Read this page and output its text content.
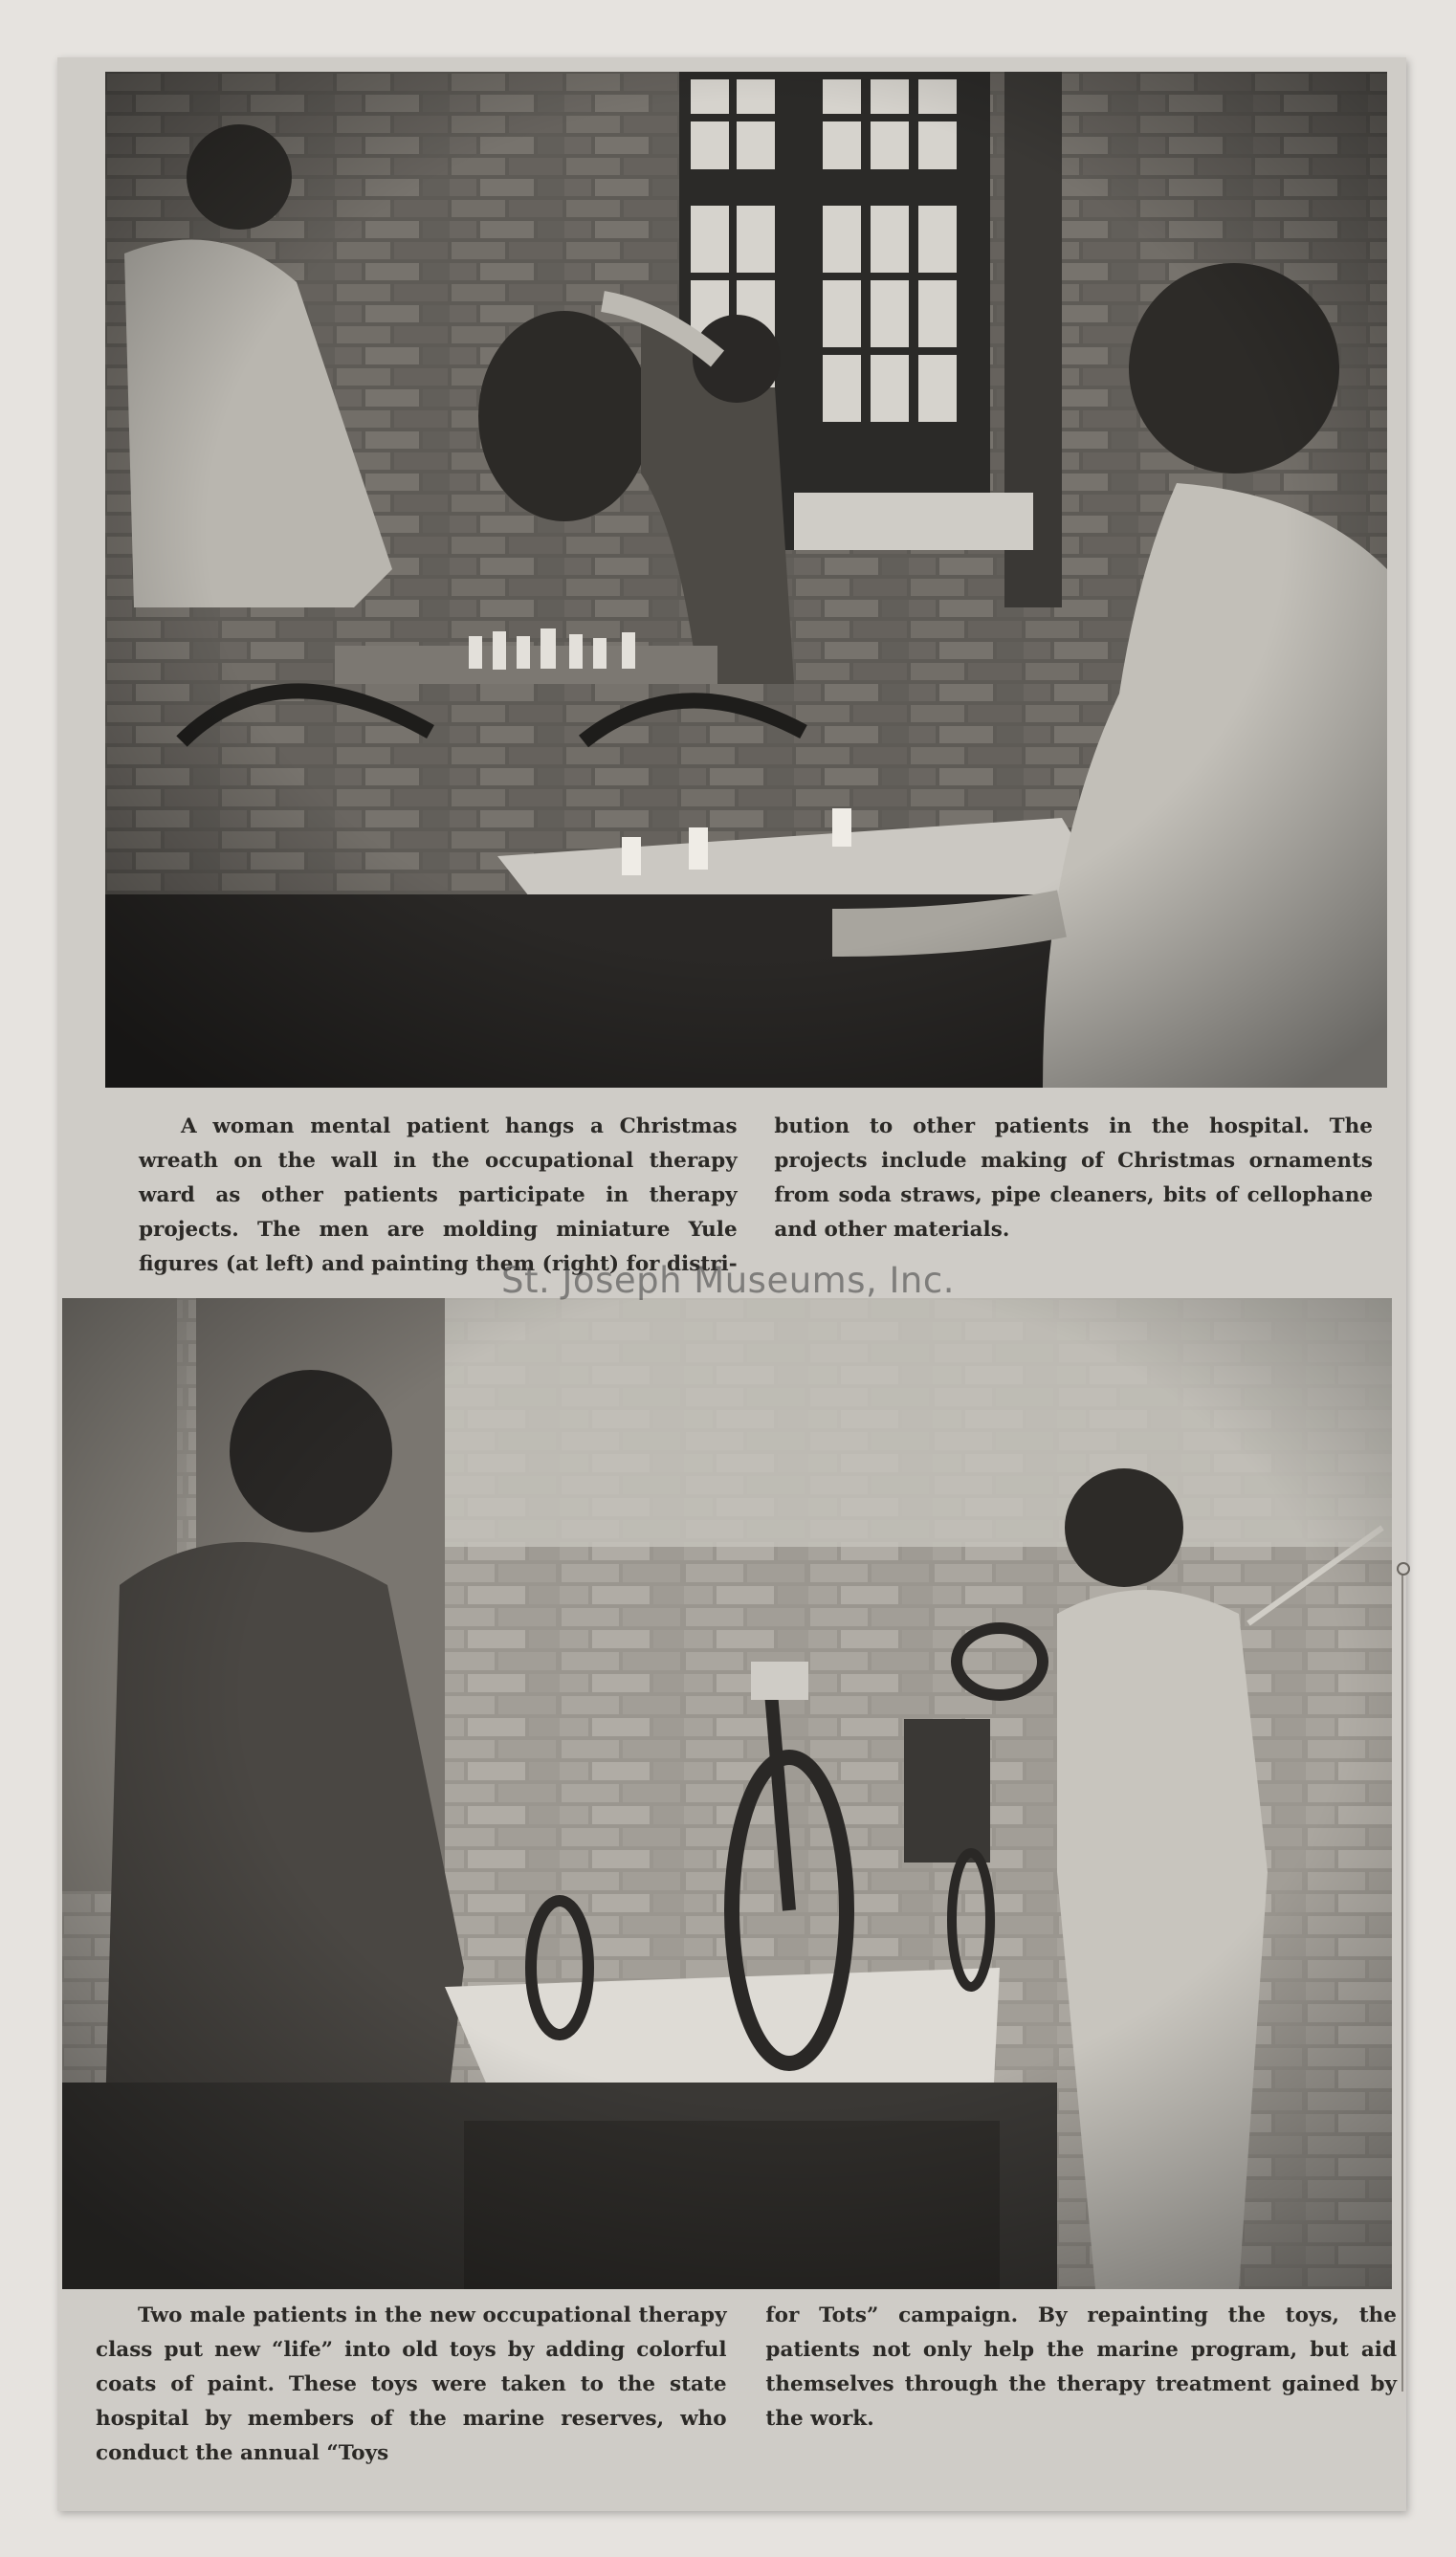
A woman mental patient hangs a Christmas wreath on the wall in the occupational therapy ward as other patients participate in therapy projects. The men are molding miniature Yule figures (at left) and painting them (right) for distri-

bution to other patients in the hospital. The projects include making of Christmas ornaments from soda straws, pipe cleaners, bits of cellophane and other materials.

Two male patients in the new occupational therapy class put new “life” into old toys by adding colorful coats of paint. These toys were taken to the state hospital by members of the marine reserves, who conduct the annual “Toys

for Tots” campaign. By repainting the toys, the patients not only help the marine program, but aid themselves through the therapy treatment gained by the work.

St. Joseph Museums, Inc.
